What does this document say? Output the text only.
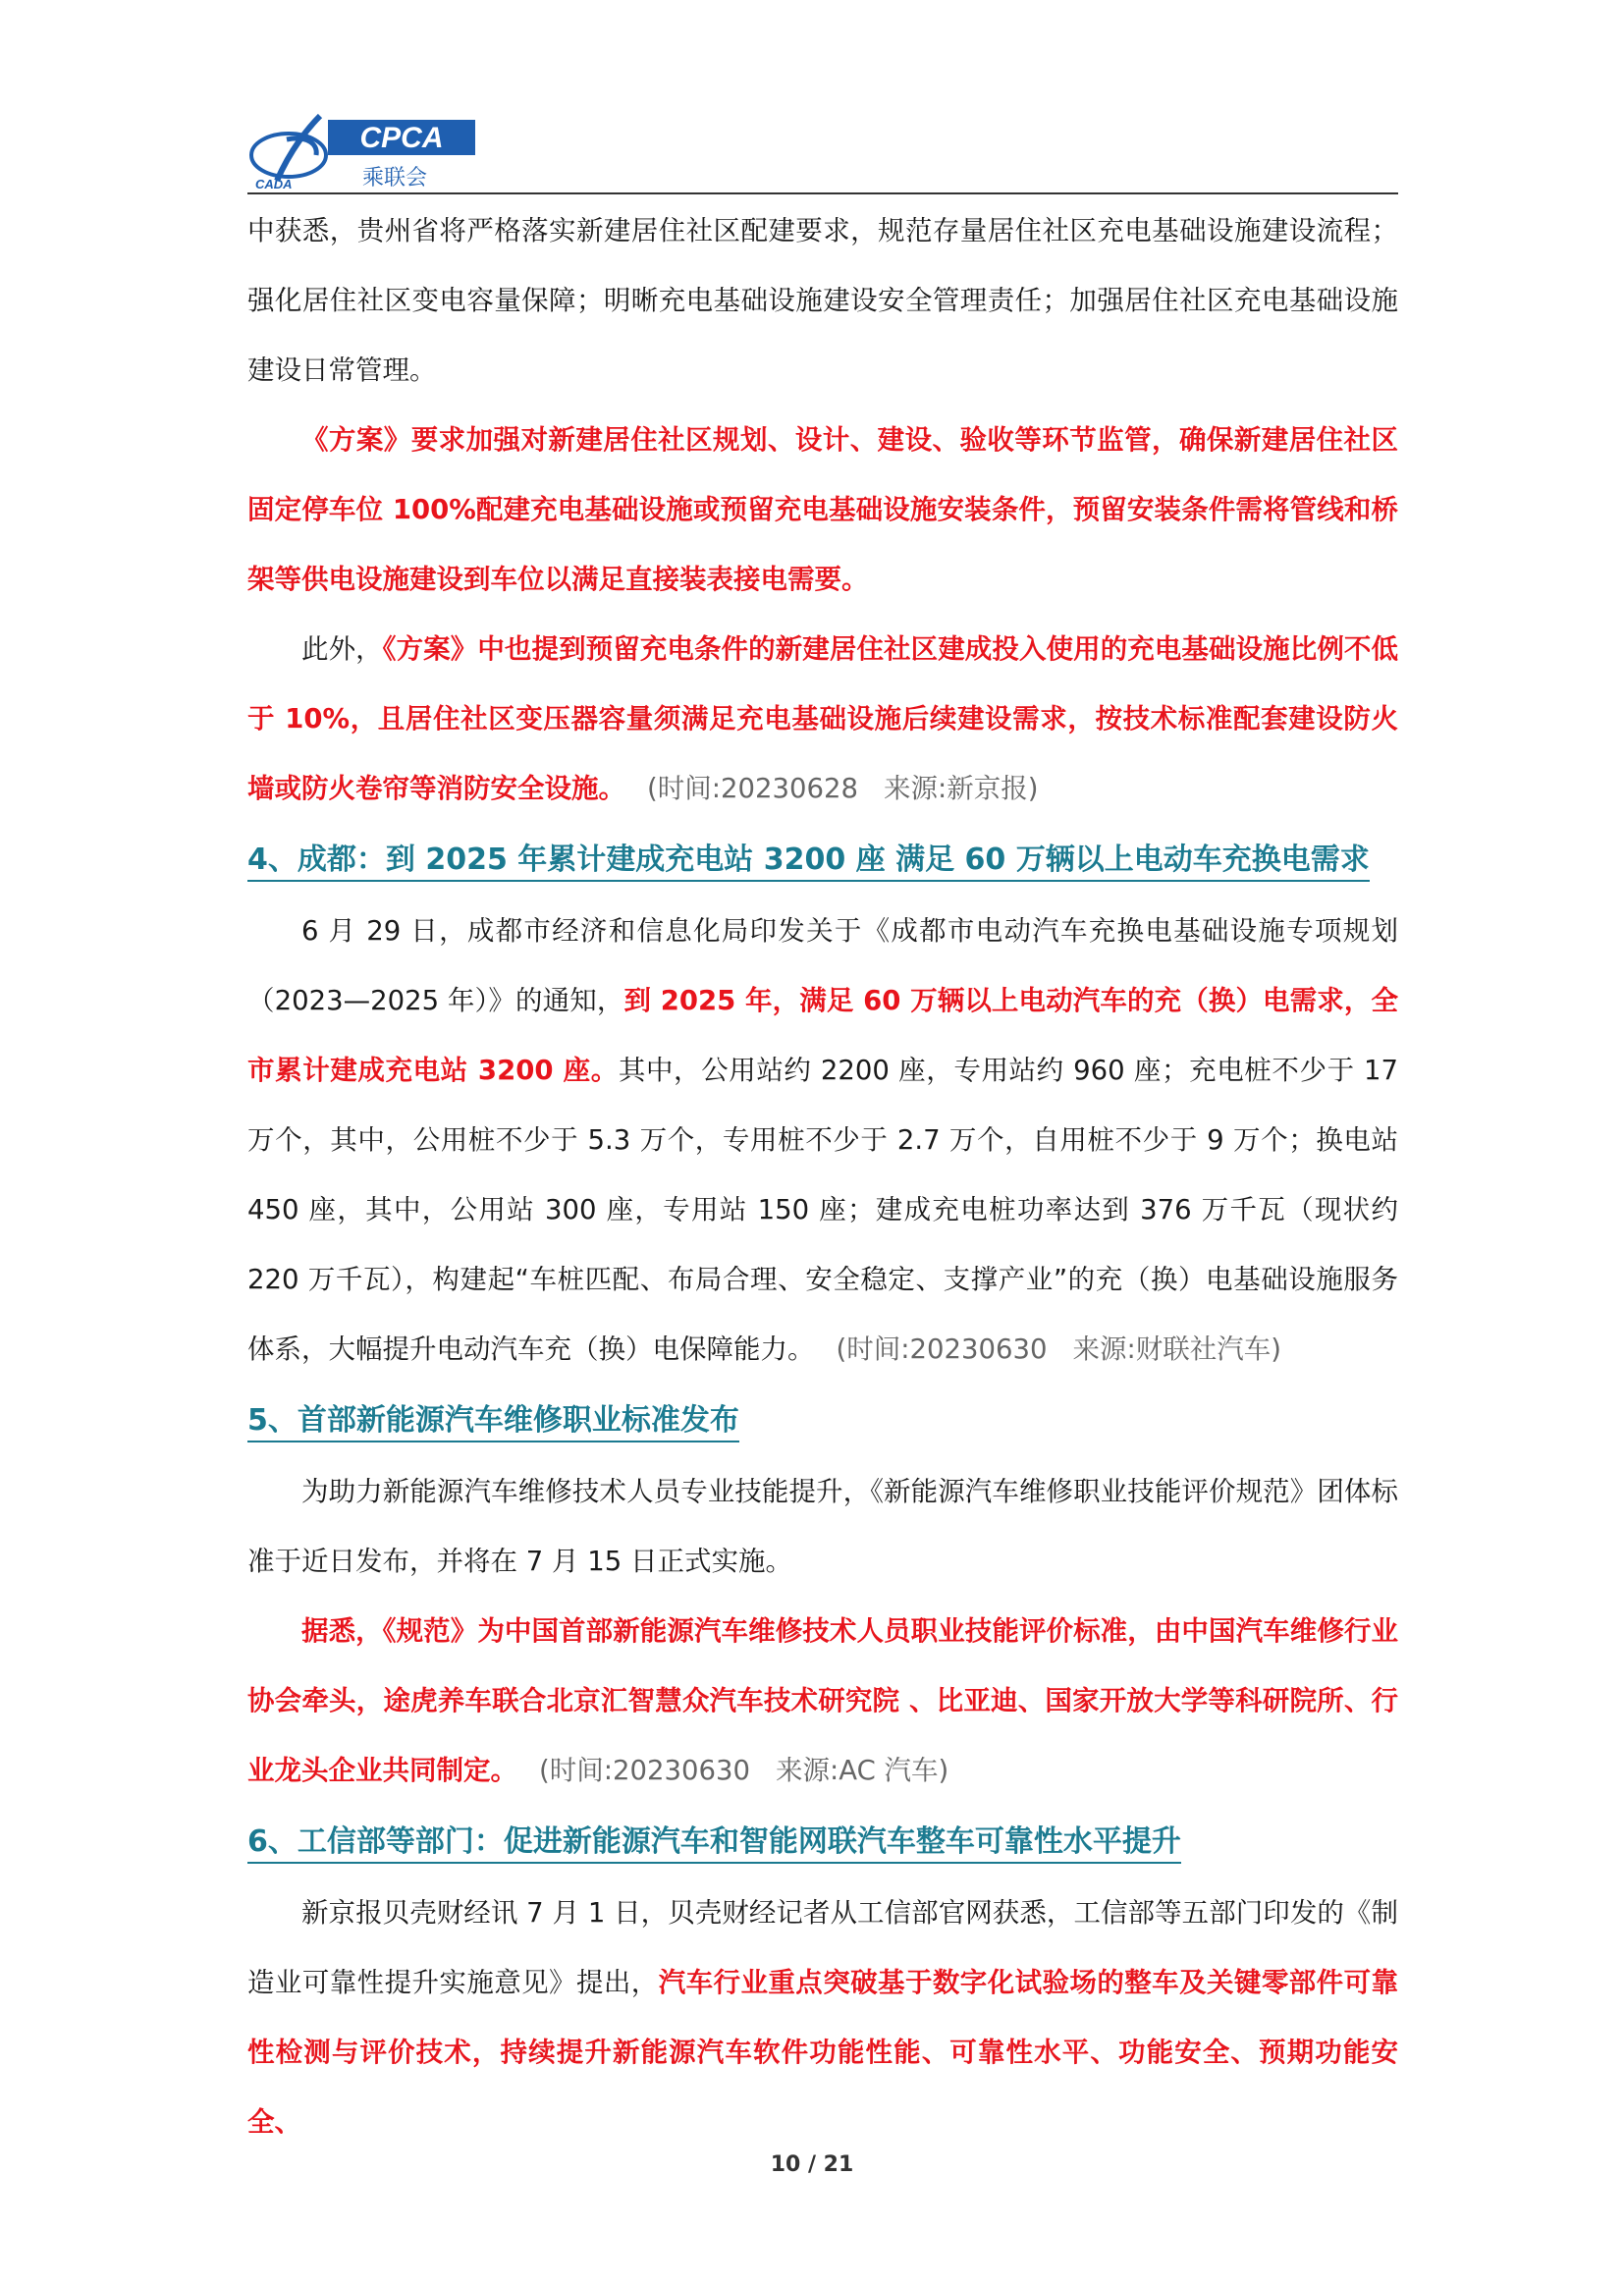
CPCA
乘联会
CADA

中获悉，贵州省将严格落实新建居住社区配建要求，规范存量居住社区充电基础设施建设流程；强化居住社区变电容量保障；明晰充电基础设施建设安全管理责任；加强居住社区充电基础设施建设日常管理。

《方案》要求加强对新建居住社区规划、设计、建设、验收等环节监管，确保新建居住社区固定停车位 100%配建充电基础设施或预留充电基础设施安装条件，预留安装条件需将管线和桥架等供电设施建设到车位以满足直接装表接电需要。

此外，《方案》中也提到预留充电条件的新建居住社区建成投入使用的充电基础设施比例不低于 10%，且居住社区变压器容量须满足充电基础设施后续建设需求，按技术标准配套建设防火墙或防火卷帘等消防安全设施。 (时间:20230628 来源:新京报)

4、成都：到 2025 年累计建成充电站 3200 座 满足 60 万辆以上电动车充换电需求

6 月 29 日，成都市经济和信息化局印发关于《成都市电动汽车充换电基础设施专项规划（2023—2025 年）》的通知，到 2025 年，满足 60 万辆以上电动汽车的充（换）电需求，全市累计建成充电站 3200 座。其中，公用站约 2200 座，专用站约 960 座；充电桩不少于 17 万个，其中，公用桩不少于 5.3 万个，专用桩不少于 2.7 万个，自用桩不少于 9 万个；换电站 450 座，其中，公用站 300 座，专用站 150 座；建成充电桩功率达到 376 万千瓦（现状约 220 万千瓦），构建起“车桩匹配、布局合理、安全稳定、支撑产业”的充（换）电基础设施服务体系，大幅提升电动汽车充（换）电保障能力。 (时间:20230630 来源:财联社汽车)

5、首部新能源汽车维修职业标准发布

为助力新能源汽车维修技术人员专业技能提升，《新能源汽车维修职业技能评价规范》团体标准于近日发布，并将在 7 月 15 日正式实施。

据悉，《规范》为中国首部新能源汽车维修技术人员职业技能评价标准，由中国汽车维修行业协会牵头，途虎养车联合北京汇智慧众汽车技术研究院 、比亚迪、国家开放大学等科研院所、行业龙头企业共同制定。 (时间:20230630 来源:AC 汽车)

6、工信部等部门：促进新能源汽车和智能网联汽车整车可靠性水平提升

新京报贝壳财经讯 7 月 1 日，贝壳财经记者从工信部官网获悉，工信部等五部门印发的《制造业可靠性提升实施意见》提出，汽车行业重点突破基于数字化试验场的整车及关键零部件可靠性检测与评价技术，持续提升新能源汽车软件功能性能、可靠性水平、功能安全、预期功能安全、

10 / 21
